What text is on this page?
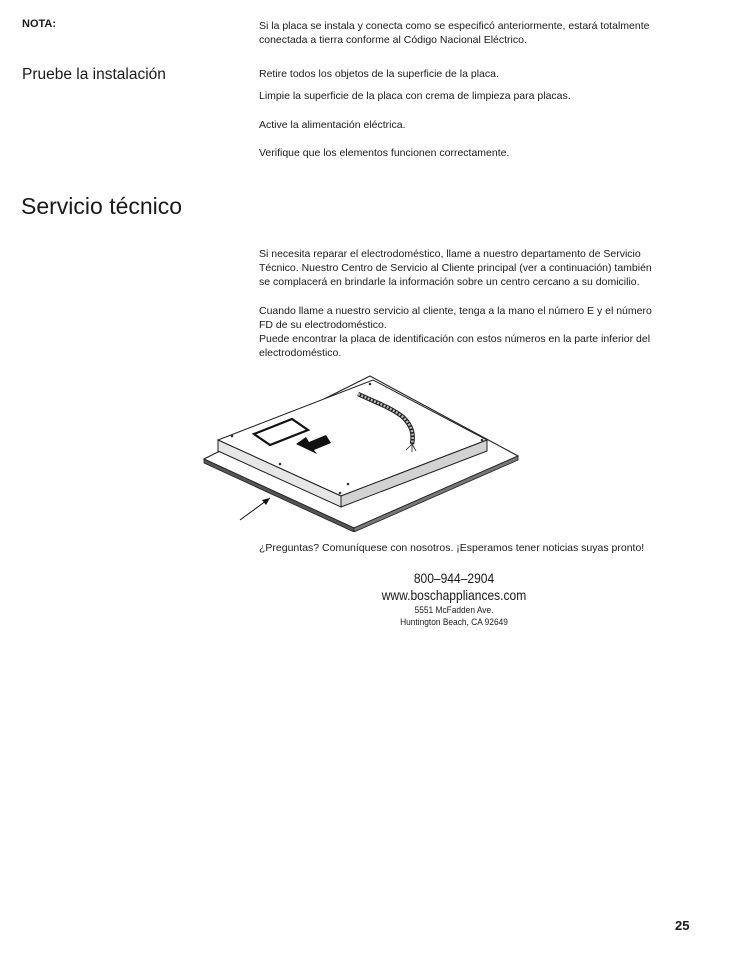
NOTA:	Si la placa se instala y conecta como se especificó anteriormente, estará totalmente

conectada a tierra conforme al Código Nacional Eléctrico.

Pruebe la instalación	Retire todos los objetos de la superficie de la placa.
Limpie la superficie de la placa con crema de limpieza para placas.
Active la alimentación eléctrica.
Verifique que los elementos funcionen correctamente.
Servicio técnico

Si necesita reparar el electrodoméstico, llame a nuestro departamento de Servicio

Técnico. Nuestro Centro de Servicio al Cliente principal (ver a continuación) también

se complacerá en brindarle la información sobre un centro cercano a su domicilio.

Cuando llame a nuestro servicio al cliente, tenga a la mano el número E y el número

FD de su electrodoméstico.

Puede encontrar la placa de identificación con estos números en la parte inferior del

electrodoméstico.

¿Preguntas? Comuníquese con nosotros. ¡Esperamos tener noticias suyas pronto!
800–944–2904
www.boschappliances.com
5551 McFadden Ave.
Huntington Beach, CA 92649
25
